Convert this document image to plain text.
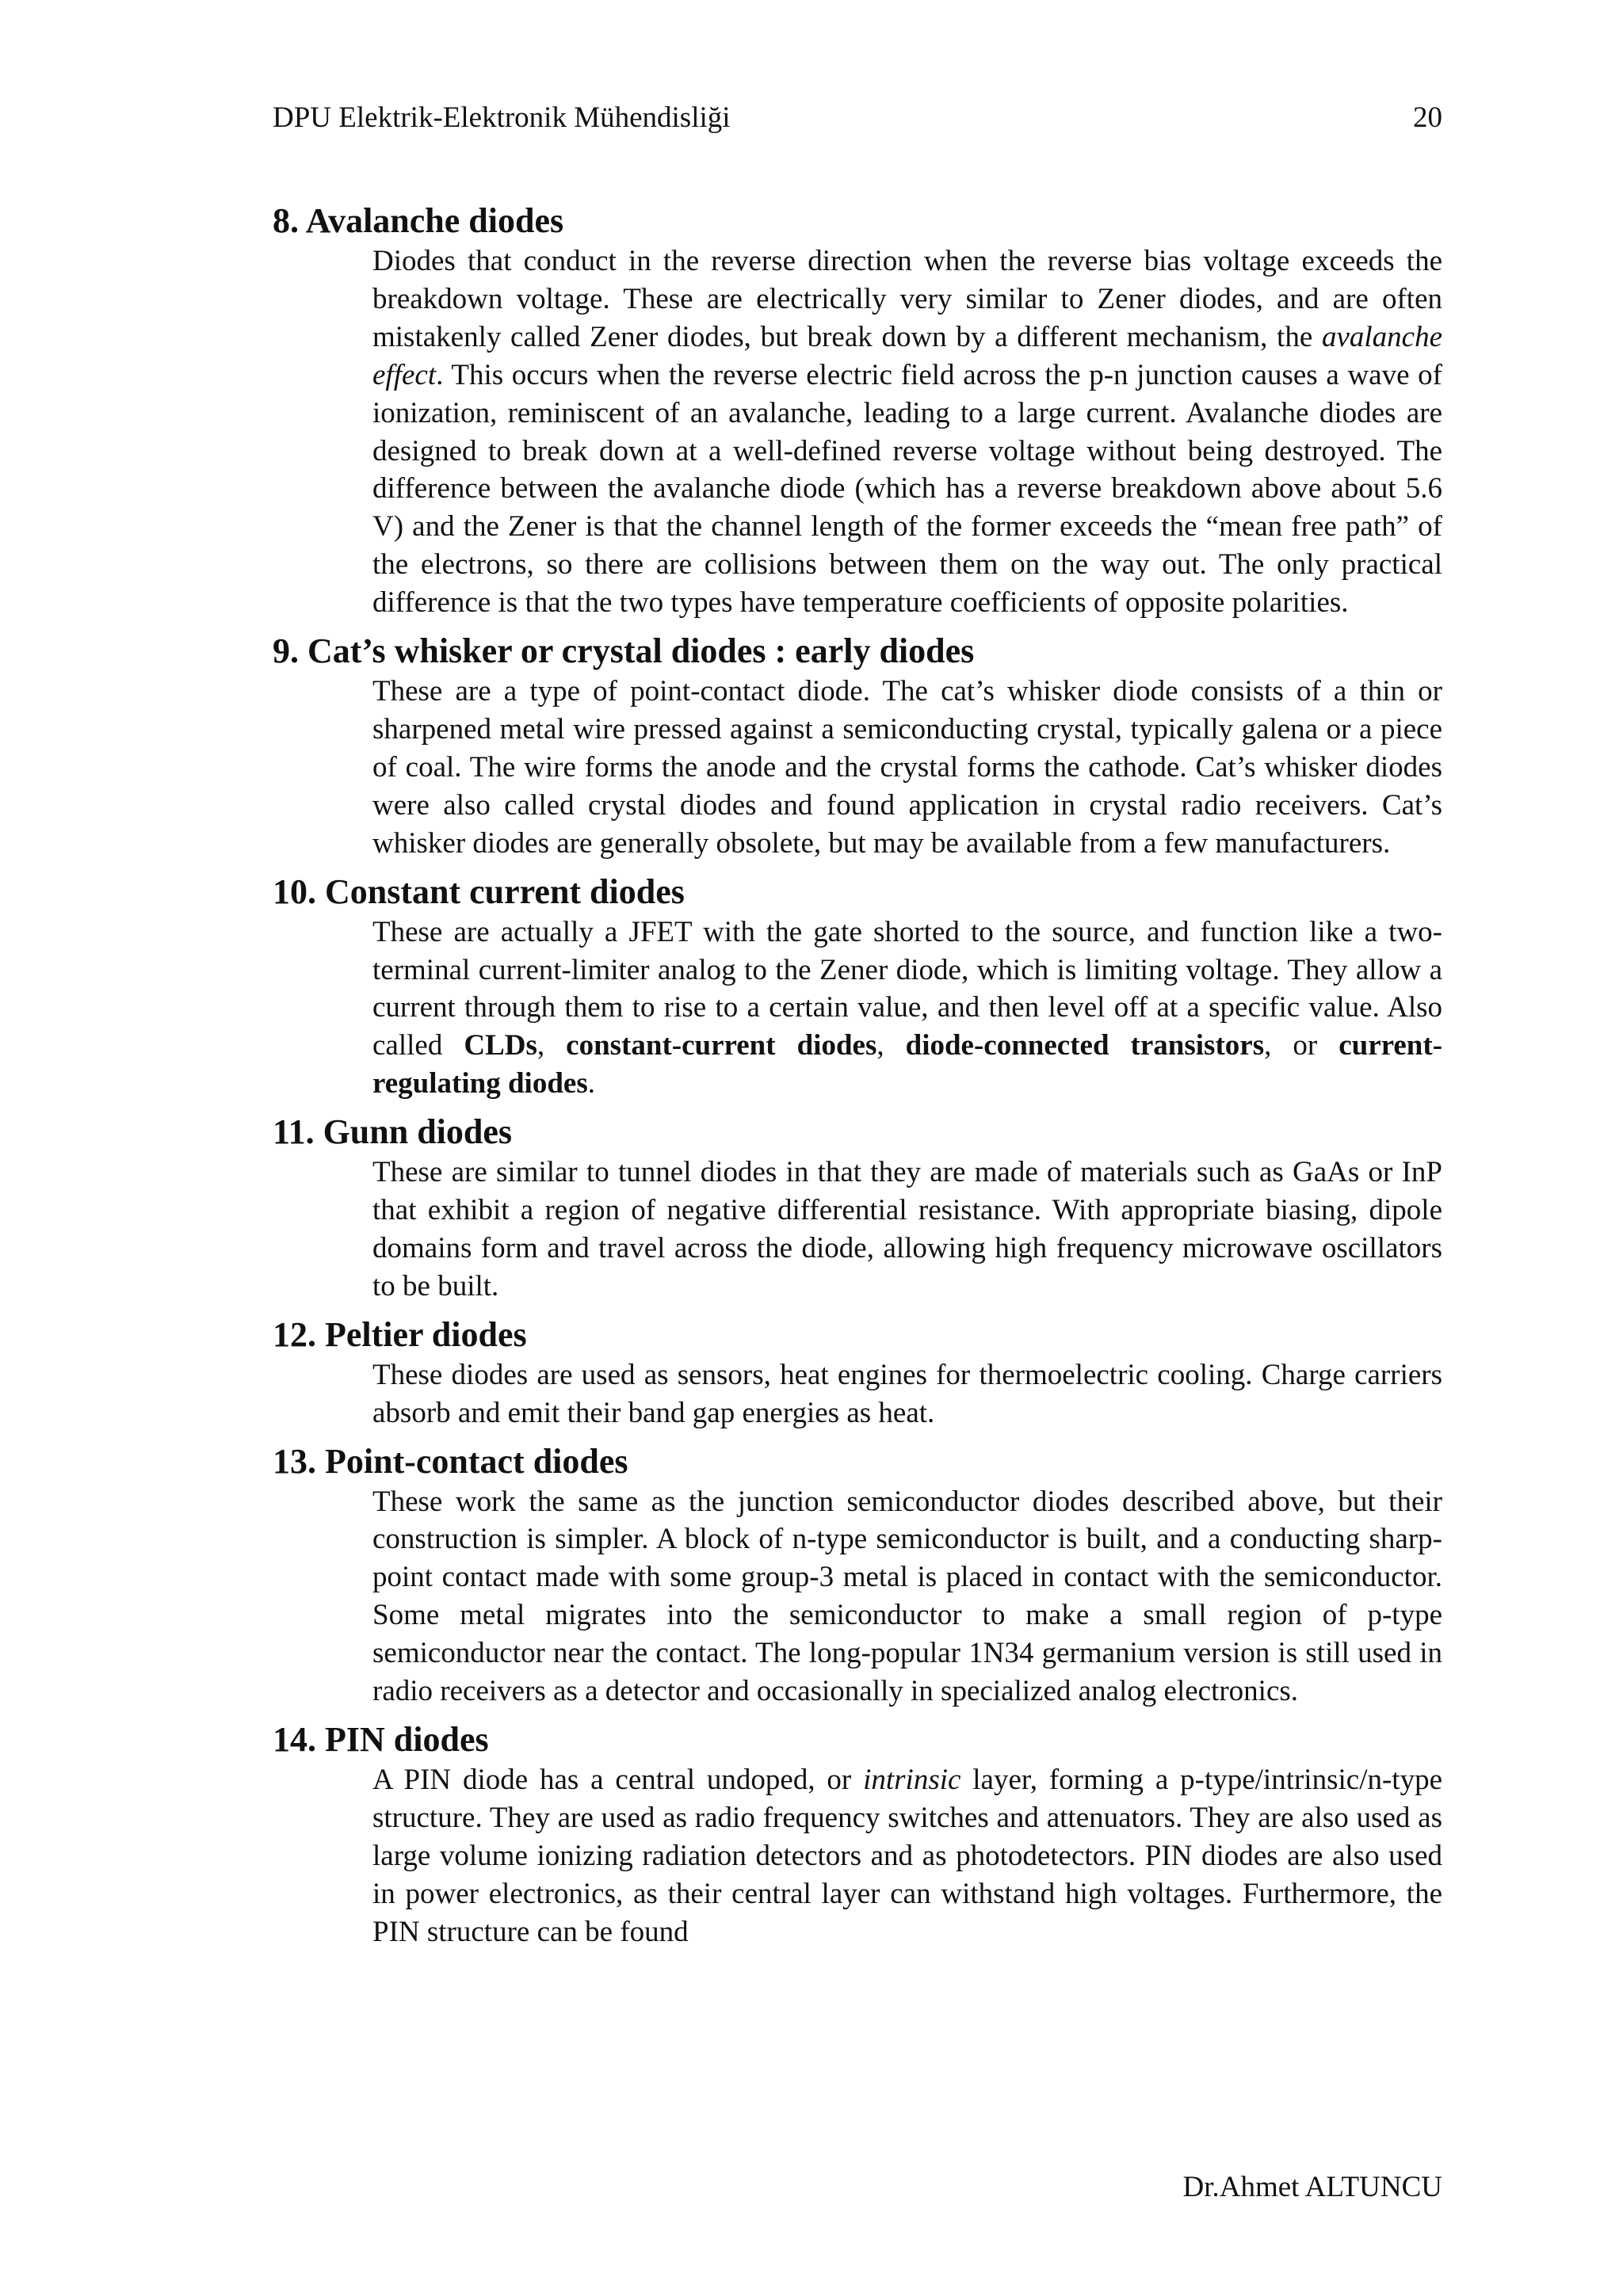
DPU Elektrik-Elektronik Mühendisliği	20
8. Avalanche diodes

Diodes that conduct in the reverse direction when the reverse bias voltage exceeds the breakdown voltage. These are electrically very similar to Zener diodes, and are often mistakenly called Zener diodes, but break down by a different mechanism, the avalanche effect. This occurs when the reverse electric field across the p-n junction causes a wave of ionization, reminiscent of an avalanche, leading to a large current. Avalanche diodes are designed to break down at a well-defined reverse voltage without being destroyed. The difference between the avalanche diode (which has a reverse breakdown above about 5.6 V) and the Zener is that the channel length of the former exceeds the “mean free path” of the electrons, so there are collisions between them on the way out. The only practical difference is that the two types have temperature coefficients of opposite polarities.

9. Cat’s whisker or crystal diodes : early diodes

These are a type of point-contact diode. The cat’s whisker diode consists of a thin or sharpened metal wire pressed against a semiconducting crystal, typically galena or a piece of coal. The wire forms the anode and the crystal forms the cathode. Cat’s whisker diodes were also called crystal diodes and found application in crystal radio receivers. Cat’s whisker diodes are generally obsolete, but may be available from a few manufacturers.

10. Constant current diodes

These are actually a JFET with the gate shorted to the source, and function like a two-terminal current-limiter analog to the Zener diode, which is limiting voltage. They allow a current through them to rise to a certain value, and then level off at a specific value. Also called CLDs, constant-current diodes, diode-connected transistors, or current-regulating diodes.

11. Gunn diodes

These are similar to tunnel diodes in that they are made of materials such as GaAs or InP that exhibit a region of negative differential resistance. With appropriate biasing, dipole domains form and travel across the diode, allowing high frequency microwave oscillators to be built.

12. Peltier diodes

These diodes are used as sensors, heat engines for thermoelectric cooling. Charge carriers absorb and emit their band gap energies as heat.

13. Point-contact diodes

These work the same as the junction semiconductor diodes described above, but their construction is simpler. A block of n-type semiconductor is built, and a conducting sharp-point contact made with some group-3 metal is placed in contact with the semiconductor. Some metal migrates into the semiconductor to make a small region of p-type semiconductor near the contact. The long-popular 1N34 germanium version is still used in radio receivers as a detector and occasionally in specialized analog electronics.

14. PIN diodes

A PIN diode has a central undoped, or intrinsic layer, forming a p-type/intrinsic/n-type structure. They are used as radio frequency switches and attenuators. They are also used as large volume ionizing radiation detectors and as photodetectors. PIN diodes are also used in power electronics, as their central layer can withstand high voltages. Furthermore, the PIN structure can be found

Dr.Ahmet ALTUNCU
